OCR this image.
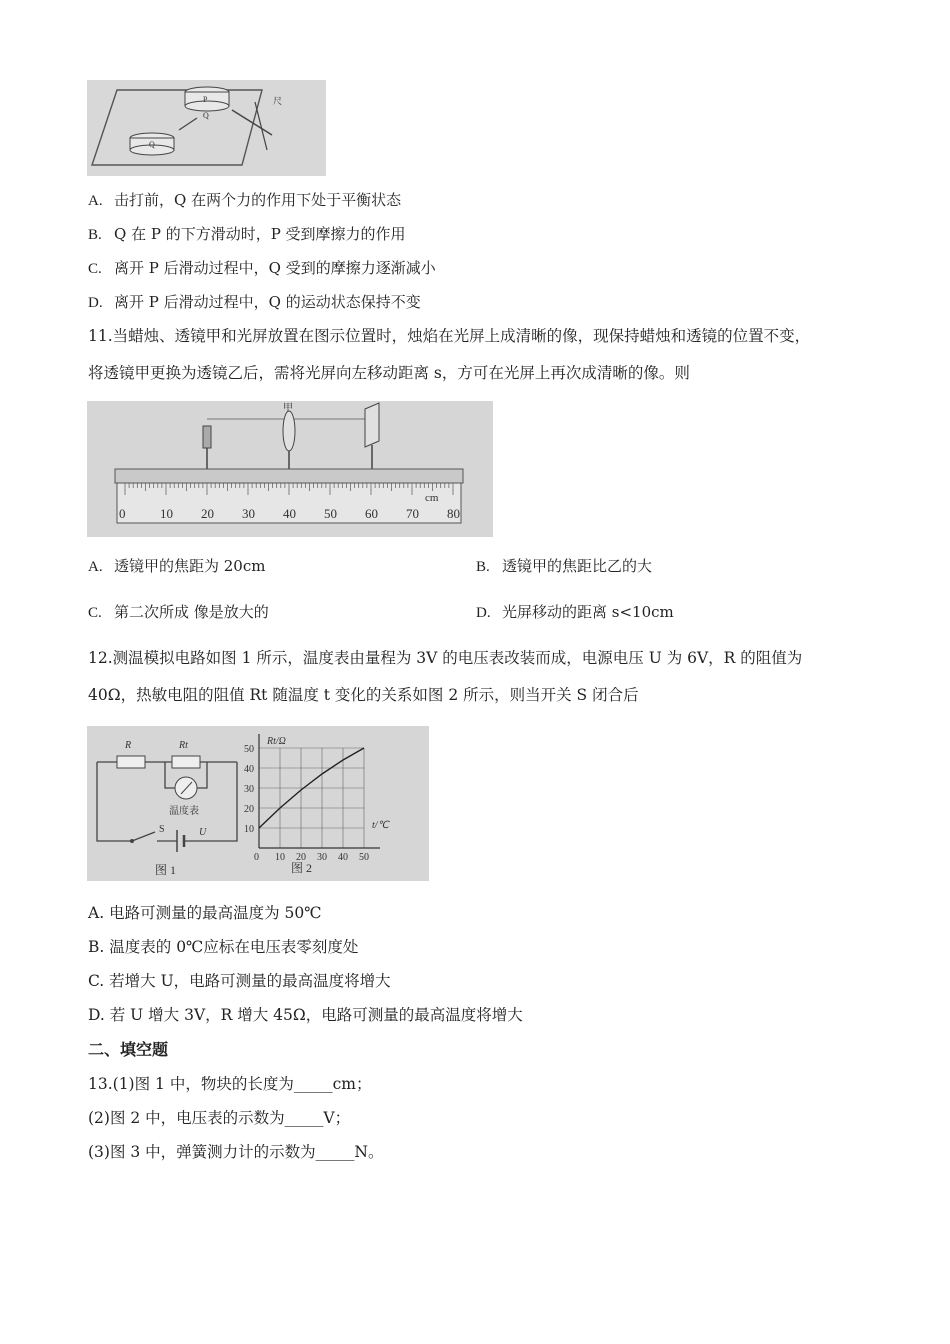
P
Q
尺
Q
A. 击打前，Q 在两个力的作用下处于平衡状态
B. Q 在 P 的下方滑动时，P 受到摩擦力的作用
C. 离开 P 后滑动过程中，Q 受到的摩擦力逐渐减小
D. 离开 P 后滑动过程中，Q 的运动状态保持不变
11.当蜡烛、透镜甲和光屏放置在图示位置时，烛焰在光屏上成清晰的像，现保持蜡烛和透镜的位置不变，
将透镜甲更换为透镜乙后，需将光屏向左移动距离 s，方可在光屏上再次成清晰的像。则
甲
0	10 20 30 40 50 60 70 80
cm
A. 透镜甲的焦距为 20cm	B. 透镜甲的焦距比乙的大
C. 第二次所成 像是放大的	D. 光屏移动的距离 s<10cm
12.测温模拟电路如图 1 所示，温度表由量程为 3V 的电压表改装而成，电源电压 U 为 6V，R 的阻值为
40Ω，热敏电阻的阻值 Rt 随温度 t 变化的关系如图 2 所示，则当开关 S 闭合后
R	Rt
温度表
S	U
图 1
0 10 20 30 40 50
10
20
30
40
50
Rt/Ω
t/℃
图 2
A. 电路可测量的最高温度为 50℃
B. 温度表的 0℃应标在电压表零刻度处
C. 若增大 U，电路可测量的最高温度将增大
D. 若 U 增大 3V，R 增大 45Ω，电路可测量的最高温度将增大
二、填空题
13.(1)图 1 中，物块的长度为_____cm；
(2)图 2 中，电压表的示数为_____V；
(3)图 3 中，弹簧测力计的示数为_____N。
